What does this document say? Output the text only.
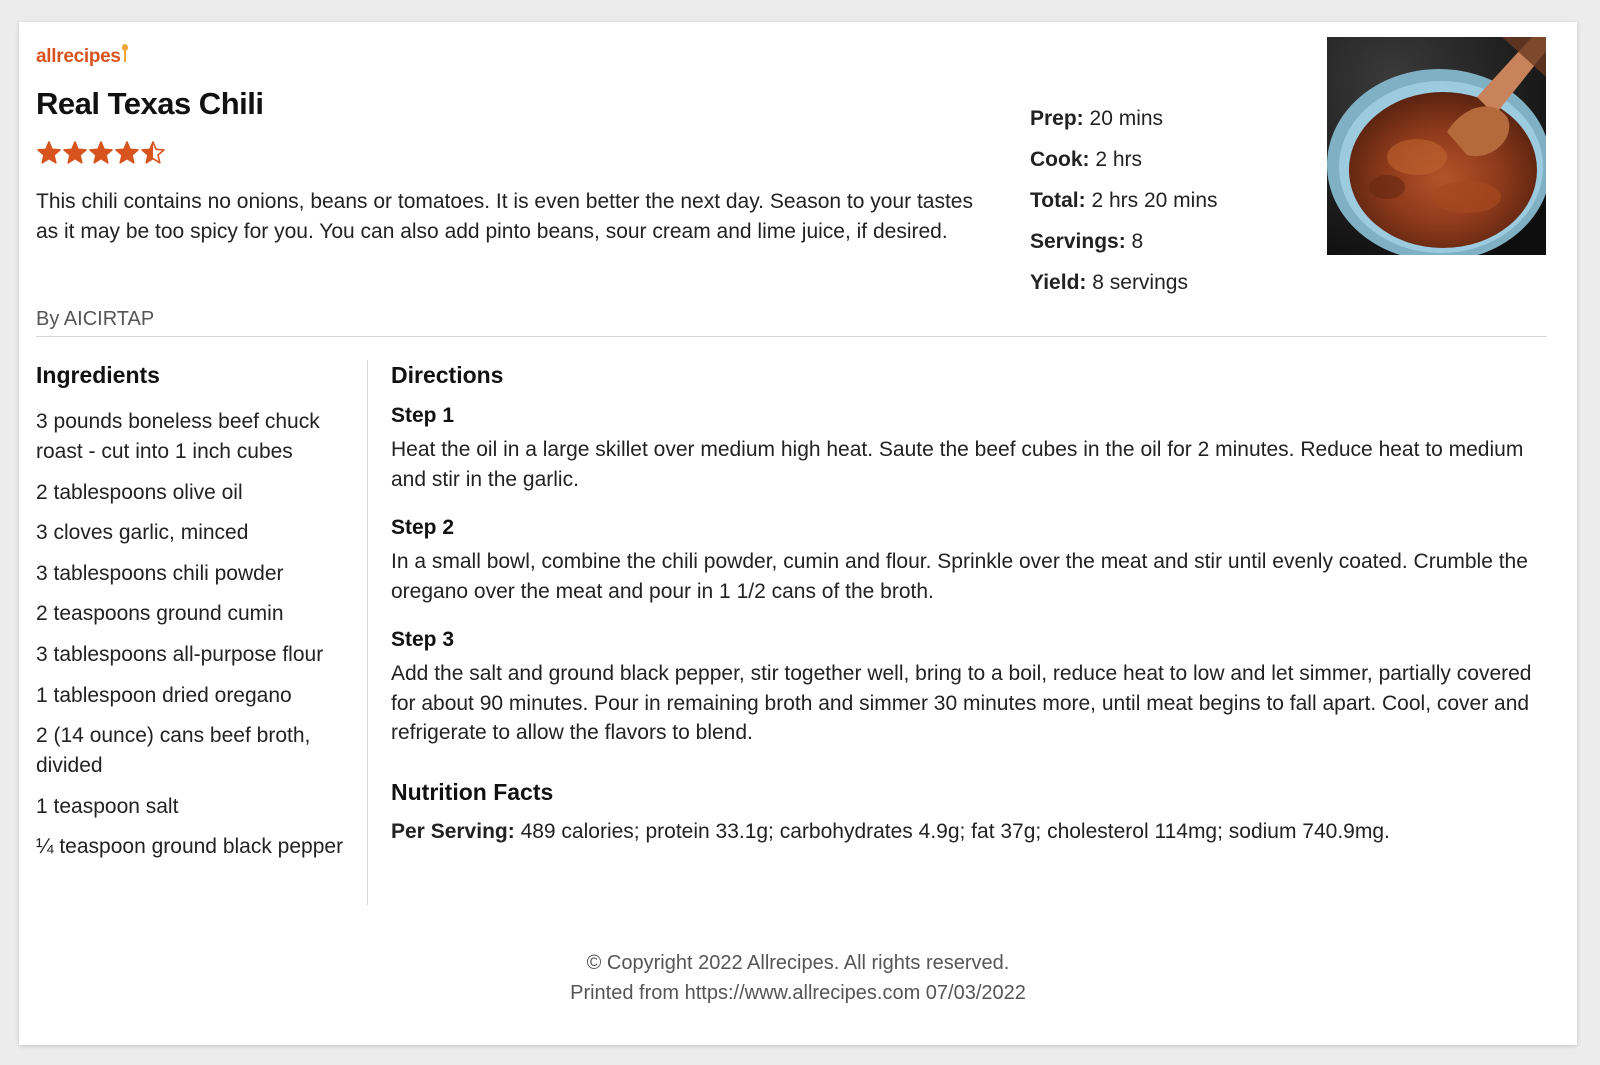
allrecipes
Real Texas Chili
This chili contains no onions, beans or tomatoes. It is even better the next day. Season to your tastes as it may be too spicy for you. You can also add pinto beans, sour cream and lime juice, if desired.
By AICIRTAP
Prep: 20 mins
Cook: 2 hrs
Total: 2 hrs 20 mins
Servings: 8
Yield: 8 servings
Ingredients
3 pounds boneless beef chuck roast - cut into 1 inch cubes
2 tablespoons olive oil
3 cloves garlic, minced
3 tablespoons chili powder
2 teaspoons ground cumin
3 tablespoons all-purpose flour
1 tablespoon dried oregano
2 (14 ounce) cans beef broth, divided
1 teaspoon salt
¼ teaspoon ground black pepper
Directions
Step 1
Heat the oil in a large skillet over medium high heat. Saute the beef cubes in the oil for 2 minutes. Reduce heat to medium and stir in the garlic.
Step 2
In a small bowl, combine the chili powder, cumin and flour. Sprinkle over the meat and stir until evenly coated. Crumble the oregano over the meat and pour in 1 1/2 cans of the broth.
Step 3
Add the salt and ground black pepper, stir together well, bring to a boil, reduce heat to low and let simmer, partially covered for about 90 minutes. Pour in remaining broth and simmer 30 minutes more, until meat begins to fall apart. Cool, cover and refrigerate to allow the flavors to blend.
Nutrition Facts
Per Serving: 489 calories; protein 33.1g; carbohydrates 4.9g; fat 37g; cholesterol 114mg; sodium 740.9mg.
© Copyright 2022 Allrecipes. All rights reserved.
Printed from https://www.allrecipes.com 07/03/2022
